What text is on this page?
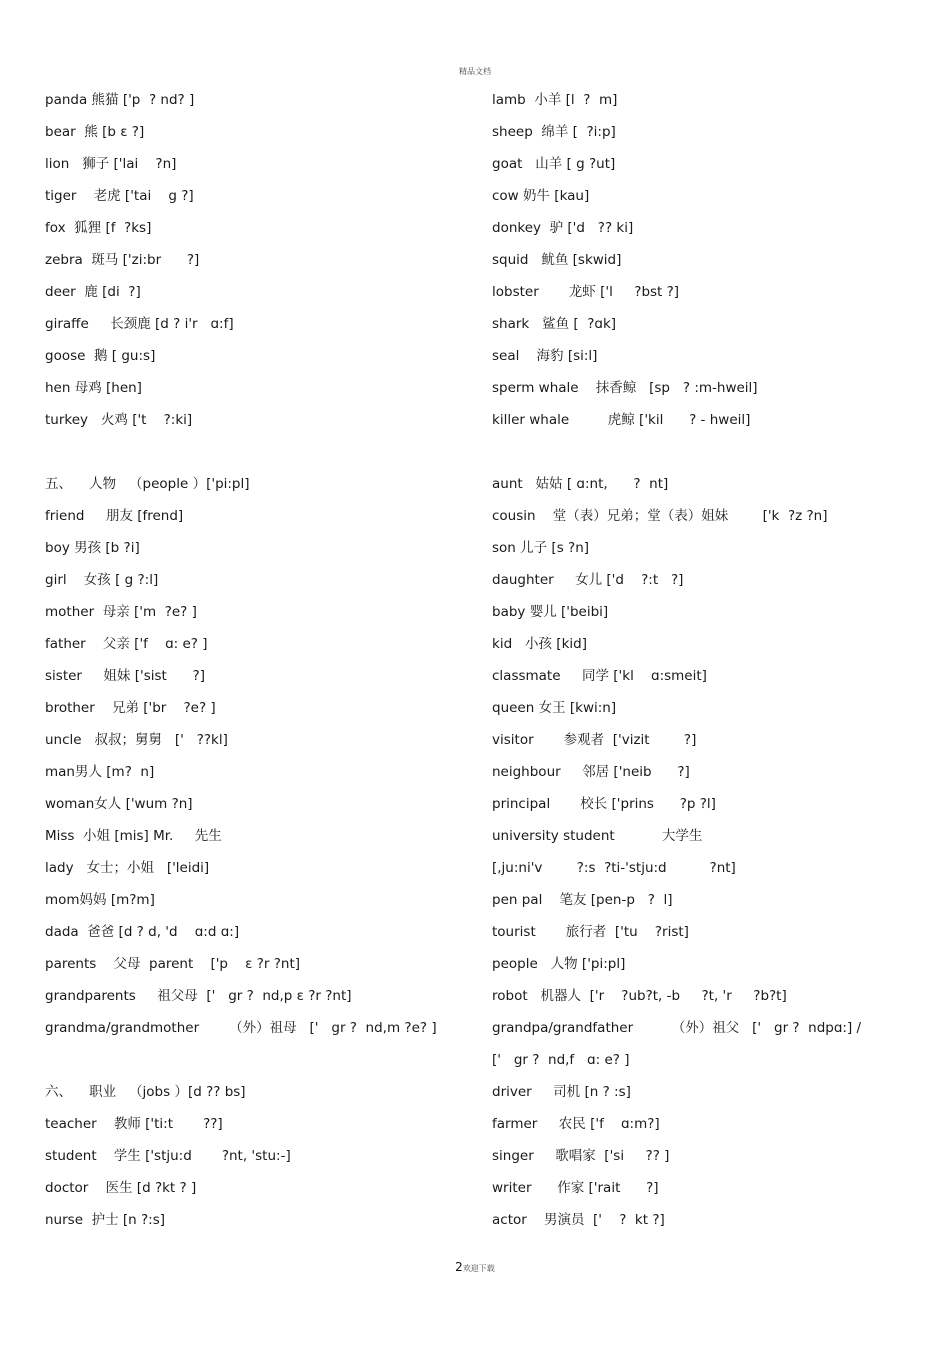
精品文档
panda 熊猫 ['p  ? nd? ]
bear  熊 [b ε ?]
lion   狮子 ['lai    ?n]
tiger    老虎 ['tai    g ?]
fox  狐狸 [f  ?ks]
zebra  斑马 ['zi:br      ?]
deer  鹿 [di  ?]
giraffe     长颈鹿 [d ? i'r   ɑ:f]
goose  鹅 [ gu:s]
hen 母鸡 [hen]
turkey   火鸡 ['t    ?:ki]
五、    人物   （people ）['pi:pl]
friend     朋友 [frend]
boy 男孩 [b ?i]
girl    女孩 [ g ?:l]
mother  母亲 ['m  ?e? ]
father    父亲 ['f    ɑ: e? ]
sister     姐妹 ['sist      ?]
brother    兄弟 ['br    ?e? ]
uncle   叔叔；舅舅   ['   ??kl]
man男人 [m?  n]
woman女人 ['wum ?n]
Miss  小姐 [mis] Mr.     先生
lady   女士；小姐   ['leidi]
mom妈妈 [m?m]
dada  爸爸 [d ? d, 'd    ɑ:d ɑ:]
parents    父母  parent    ['p    ε ?r ?nt]
grandparents     祖父母  ['   gr ?  nd,p ε ?r ?nt]
grandma/grandmother       （外）祖母   ['   gr ?  nd,m ?e? ]
六、    职业   （jobs ）[d ?? bs]
teacher    教师 ['ti:t       ??]
student    学生 ['stju:d       ?nt, 'stu:-]
doctor    医生 [d ?kt ? ]
nurse  护士 [n ?:s]
lamb  小羊 [l  ?  m]
sheep  绵羊 [  ?i:p]
goat   山羊 [ g ?ut]
cow 奶牛 [kau]
donkey  驴 ['d   ?? ki]
squid   鱿鱼 [skwid]
lobster       龙虾 ['l     ?bst ?]
shark   鲨鱼 [  ?ɑk]
seal    海豹 [si:l]
sperm whale    抹香鲸   [sp   ? :m-hweil]
killer whale         虎鲸 ['kil      ? - hweil]
aunt   姑姑 [ ɑ:nt,      ?  nt]
cousin    堂（表）兄弟；堂（表）姐妹        ['k  ?z ?n]
son 儿子 [s ?n]
daughter     女儿 ['d    ?:t   ?]
baby 婴儿 ['beibi]
kid   小孩 [kid]
classmate     同学 ['kl    ɑ:smeit]
queen 女王 [kwi:n]
visitor       参观者  ['vizit        ?]
neighbour     邻居 ['neib      ?]
principal       校长 ['prins      ?p ?l]
university student           大学生
[,ju:ni'v        ?:s  ?ti-'stju:d          ?nt]
pen pal    笔友 [pen-p   ?  l]
tourist       旅行者  ['tu    ?rist]
people   人物 ['pi:pl]
robot   机器人  ['r    ?ub?t, -b     ?t, 'r     ?b?t]
grandpa/grandfather         （外）祖父   ['   gr ?  ndpɑ:] /
['   gr ?  nd,f   ɑ: e? ]
driver     司机 [n ? :s]
farmer     农民 ['f    ɑ:m?]
singer     歌唱家  ['si     ?? ]
writer      作家 ['rait      ?]
actor    男演员  ['    ?  kt ?]
2欢迎下载
